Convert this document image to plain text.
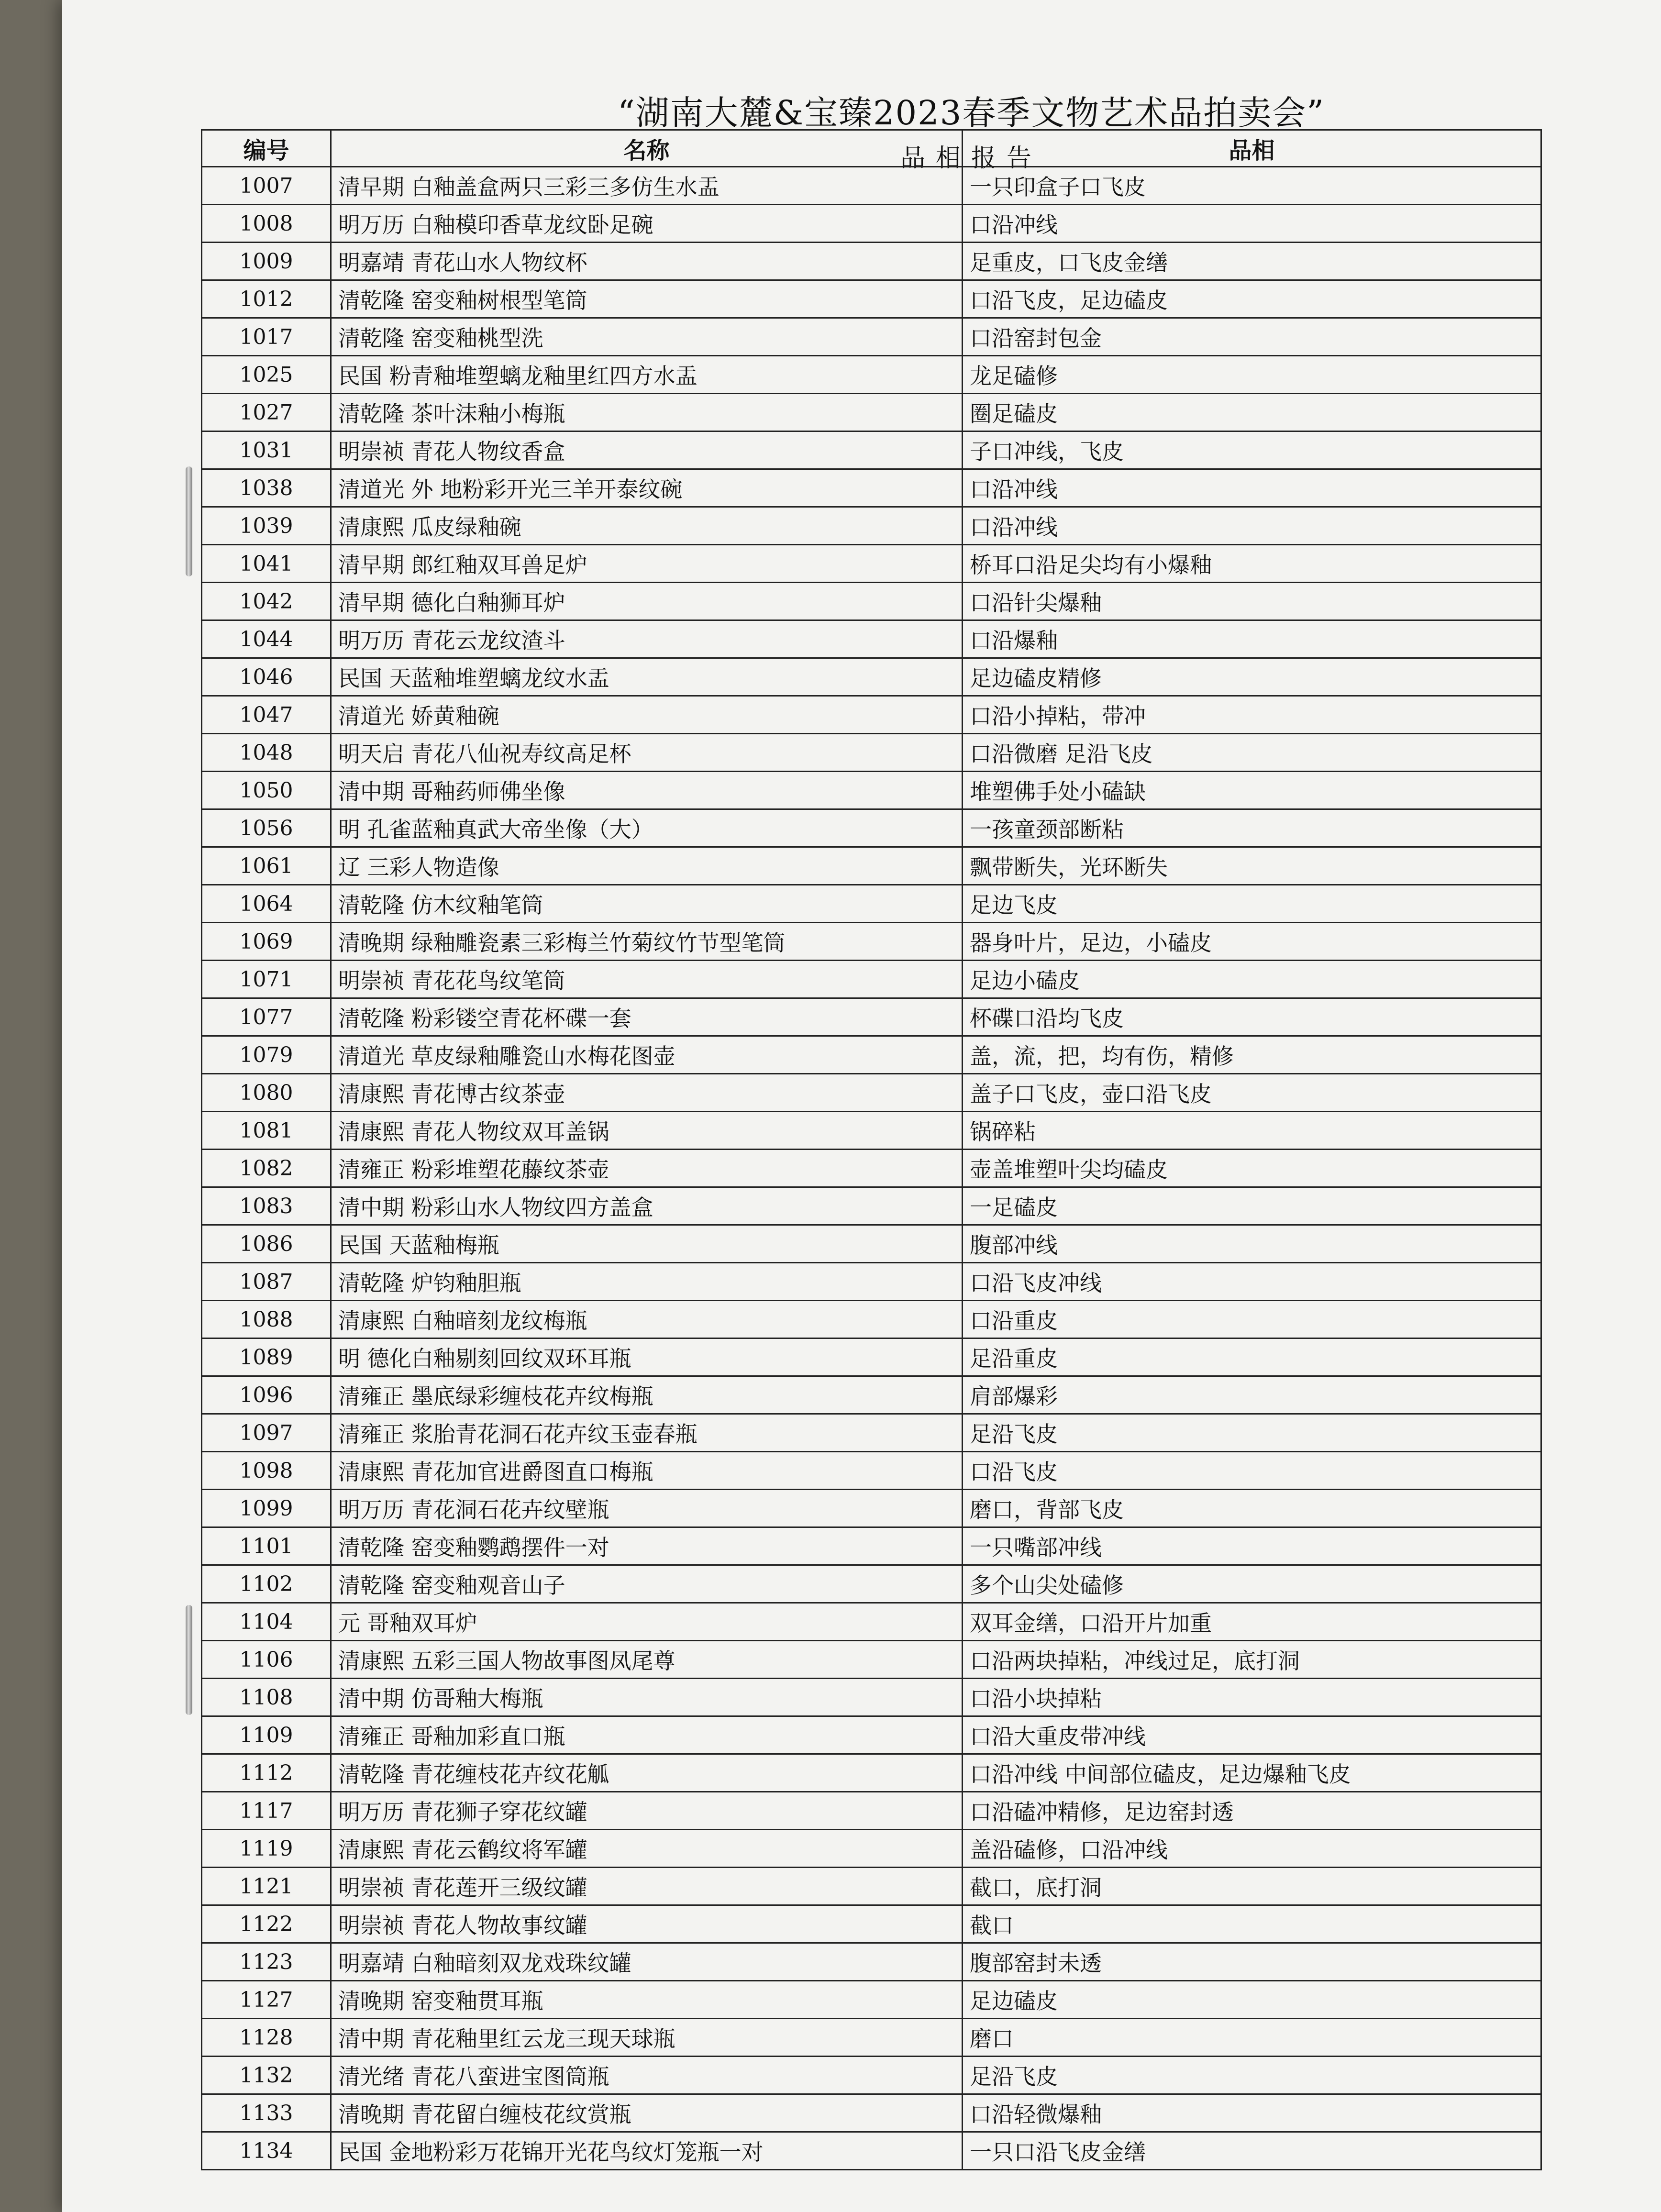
“湖南大麓&宝臻2023春季文物艺术品拍卖会”
品相报告
编号	名称	品相
1007	清早期 白釉盖盒两只三彩三多仿生水盂	一只印盒子口飞皮
1008	明万历 白釉模印香草龙纹卧足碗	口沿冲线
1009	明嘉靖 青花山水人物纹杯	足重皮，口飞皮金缮
1012	清乾隆 窑变釉树根型笔筒	口沿飞皮，足边磕皮
1017	清乾隆 窑变釉桃型洗	口沿窑封包金
1025	民国 粉青釉堆塑螭龙釉里红四方水盂	龙足磕修
1027	清乾隆 茶叶沫釉小梅瓶	圈足磕皮
1031	明崇祯 青花人物纹香盒	子口冲线，飞皮
1038	清道光 外 地粉彩开光三羊开泰纹碗	口沿冲线
1039	清康熙 瓜皮绿釉碗	口沿冲线
1041	清早期 郎红釉双耳兽足炉	桥耳口沿足尖均有小爆釉
1042	清早期 德化白釉狮耳炉	口沿针尖爆釉
1044	明万历 青花云龙纹渣斗	口沿爆釉
1046	民国 天蓝釉堆塑螭龙纹水盂	足边磕皮精修
1047	清道光 娇黄釉碗	口沿小掉粘，带冲
1048	明天启 青花八仙祝寿纹高足杯	口沿微磨 足沿飞皮
1050	清中期 哥釉药师佛坐像	堆塑佛手处小磕缺
1056	明 孔雀蓝釉真武大帝坐像（大）	一孩童颈部断粘
1061	辽 三彩人物造像	飘带断失，光环断失
1064	清乾隆 仿木纹釉笔筒	足边飞皮
1069	清晚期 绿釉雕瓷素三彩梅兰竹菊纹竹节型笔筒	器身叶片，足边，小磕皮
1071	明崇祯 青花花鸟纹笔筒	足边小磕皮
1077	清乾隆 粉彩镂空青花杯碟一套	杯碟口沿均飞皮
1079	清道光 草皮绿釉雕瓷山水梅花图壶	盖，流，把，均有伤，精修
1080	清康熙 青花博古纹茶壶	盖子口飞皮，壶口沿飞皮
1081	清康熙 青花人物纹双耳盖锅	锅碎粘
1082	清雍正 粉彩堆塑花藤纹茶壶	壶盖堆塑叶尖均磕皮
1083	清中期 粉彩山水人物纹四方盖盒	一足磕皮
1086	民国 天蓝釉梅瓶	腹部冲线
1087	清乾隆 炉钧釉胆瓶	口沿飞皮冲线
1088	清康熙 白釉暗刻龙纹梅瓶	口沿重皮
1089	明 德化白釉剔刻回纹双环耳瓶	足沿重皮
1096	清雍正 墨底绿彩缠枝花卉纹梅瓶	肩部爆彩
1097	清雍正 浆胎青花洞石花卉纹玉壶春瓶	足沿飞皮
1098	清康熙 青花加官进爵图直口梅瓶	口沿飞皮
1099	明万历 青花洞石花卉纹壁瓶	磨口，背部飞皮
1101	清乾隆 窑变釉鹦鹉摆件一对	一只嘴部冲线
1102	清乾隆 窑变釉观音山子	多个山尖处磕修
1104	元 哥釉双耳炉	双耳金缮，口沿开片加重
1106	清康熙 五彩三国人物故事图凤尾尊	口沿两块掉粘，冲线过足，底打洞
1108	清中期 仿哥釉大梅瓶	口沿小块掉粘
1109	清雍正 哥釉加彩直口瓶	口沿大重皮带冲线
1112	清乾隆 青花缠枝花卉纹花觚	口沿冲线 中间部位磕皮，足边爆釉飞皮
1117	明万历 青花狮子穿花纹罐	口沿磕冲精修，足边窑封透
1119	清康熙 青花云鹤纹将军罐	盖沿磕修，口沿冲线
1121	明崇祯 青花莲开三级纹罐	截口，底打洞
1122	明崇祯 青花人物故事纹罐	截口
1123	明嘉靖 白釉暗刻双龙戏珠纹罐	腹部窑封未透
1127	清晚期 窑变釉贯耳瓶	足边磕皮
1128	清中期 青花釉里红云龙三现天球瓶	磨口
1132	清光绪 青花八蛮进宝图筒瓶	足沿飞皮
1133	清晚期 青花留白缠枝花纹赏瓶	口沿轻微爆釉
1134	民国 金地粉彩万花锦开光花鸟纹灯笼瓶一对	一只口沿飞皮金缮
